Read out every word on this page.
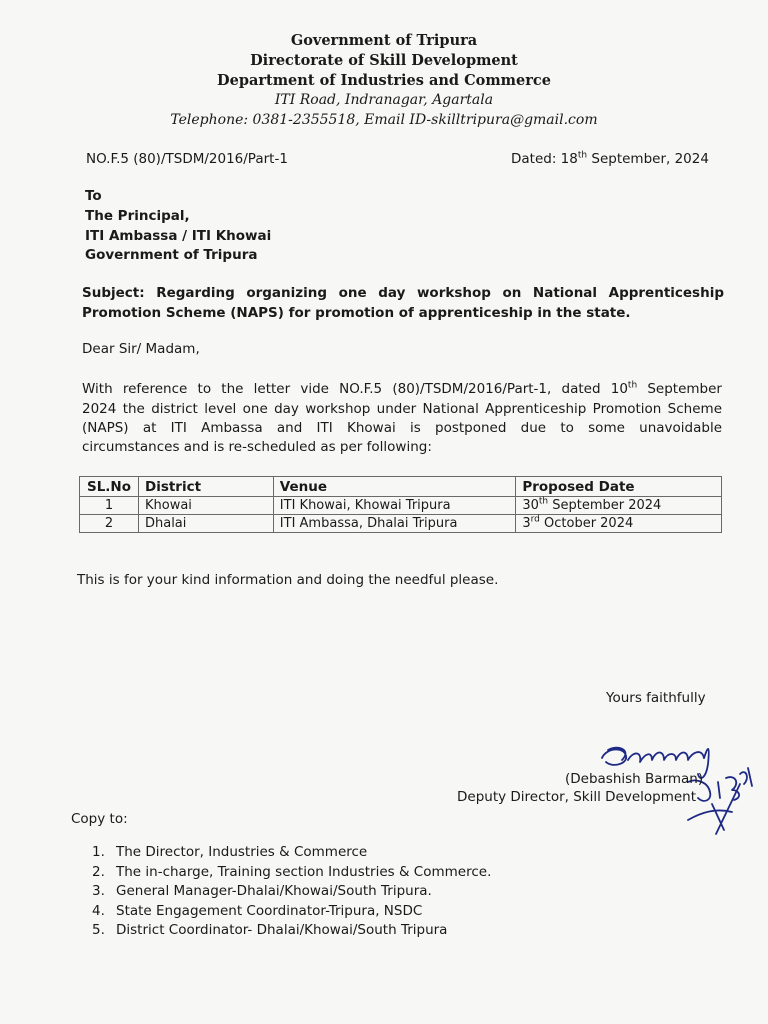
Government of Tripura
Directorate of Skill Development
Department of Industries and Commerce
ITI Road, Indranagar, Agartala
Telephone: 0381-2355518, Email ID-skilltripura@gmail.com
NO.F.5 (80)/TSDM/2016/Part-1	Dated: 18th September, 2024
To
The Principal,
ITI Ambassa / ITI Khowai
Government of Tripura
Subject: Regarding organizing one day workshop on National Apprenticeship
Promotion Scheme (NAPS) for promotion of apprenticeship in the state.
Dear Sir/ Madam,
With reference to the letter vide NO.F.5 (80)/TSDM/2016/Part-1, dated 10th September
2024 the district level one day workshop under National Apprenticeship Promotion Scheme
(NAPS) at ITI Ambassa and ITI Khowai is postponed due to some unavoidable
circumstances and is re-scheduled as per following:
SL.No	District	Venue	Proposed Date
1	Khowai	ITI Khowai, Khowai Tripura	30th September 2024
2	Dhalai	ITI Ambassa, Dhalai Tripura	3rd October 2024
This is for your kind information and doing the needful please.
Yours faithfully
(Debashish Barman)
Deputy Director, Skill Development
Copy to:
1. The Director, Industries & Commerce
2. The in-charge, Training section Industries & Commerce.
3. General Manager-Dhalai/Khowai/South Tripura.
4. State Engagement Coordinator-Tripura, NSDC
5. District Coordinator- Dhalai/Khowai/South Tripura
